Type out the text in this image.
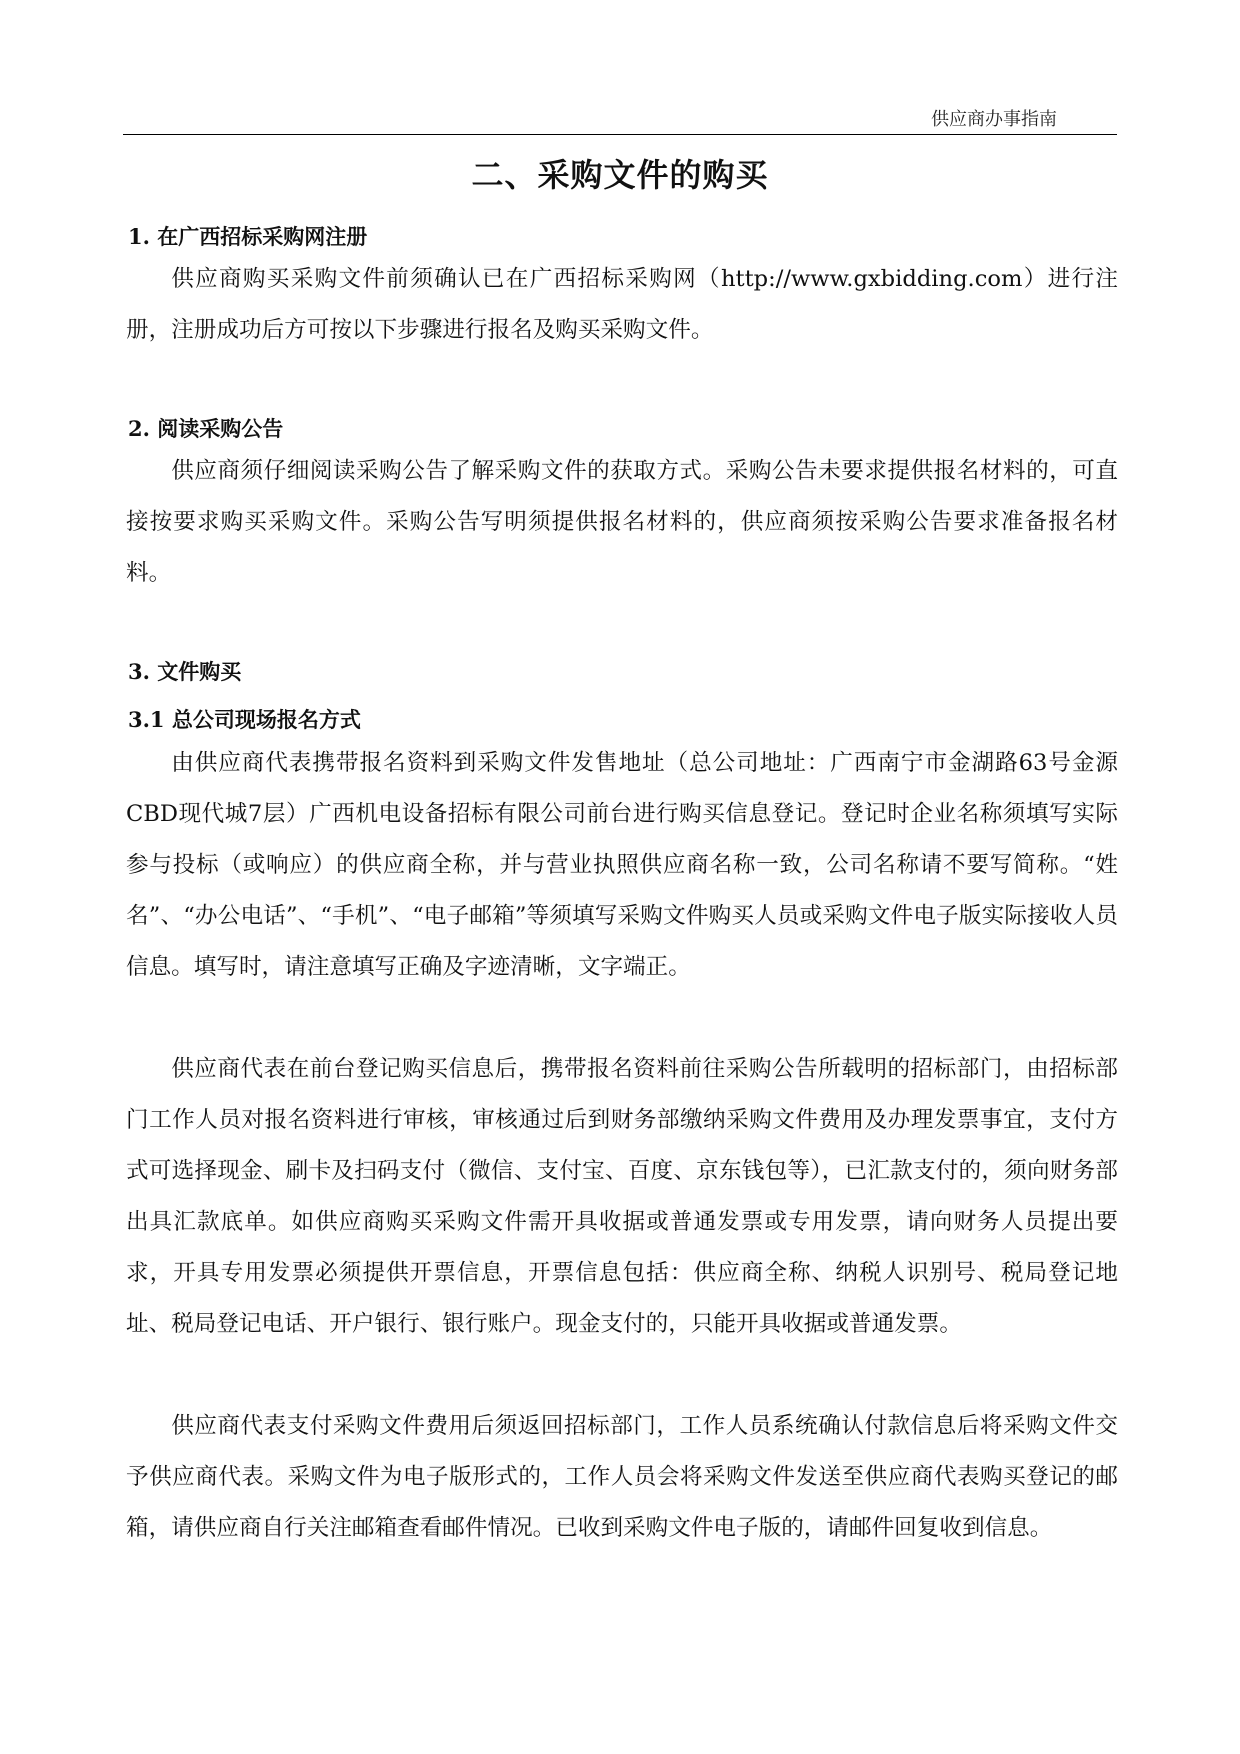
供应商办事指南
二、采购文件的购买
1. 在广西招标采购网注册

供应商购买采购文件前须确认已在广西招标采购网（http://www.gxbidding.com）进行注册，注册成功后方可按以下步骤进行报名及购买采购文件。

2. 阅读采购公告

供应商须仔细阅读采购公告了解采购文件的获取方式。采购公告未要求提供报名材料的，可直接按要求购买采购文件。采购公告写明须提供报名材料的，供应商须按采购公告要求准备报名材料。

3. 文件购买
3.1 总公司现场报名方式

由供应商代表携带报名资料到采购文件发售地址（总公司地址：广西南宁市金湖路63号金源CBD现代城7层）广西机电设备招标有限公司前台进行购买信息登记。登记时企业名称须填写实际参与投标（或响应）的供应商全称，并与营业执照供应商名称一致，公司名称请不要写简称。“姓名”、“办公电话”、“手机”、“电子邮箱”等须填写采购文件购买人员或采购文件电子版实际接收人员信息。填写时，请注意填写正确及字迹清晰，文字端正。

供应商代表在前台登记购买信息后，携带报名资料前往采购公告所载明的招标部门，由招标部门工作人员对报名资料进行审核，审核通过后到财务部缴纳采购文件费用及办理发票事宜，支付方式可选择现金、刷卡及扫码支付（微信、支付宝、百度、京东钱包等），已汇款支付的，须向财务部出具汇款底单。如供应商购买采购文件需开具收据或普通发票或专用发票，请向财务人员提出要求，开具专用发票必须提供开票信息，开票信息包括：供应商全称、纳税人识别号、税局登记地址、税局登记电话、开户银行、银行账户。现金支付的，只能开具收据或普通发票。

供应商代表支付采购文件费用后须返回招标部门，工作人员系统确认付款信息后将采购文件交予供应商代表。采购文件为电子版形式的，工作人员会将采购文件发送至供应商代表购买登记的邮箱，请供应商自行关注邮箱查看邮件情况。已收到采购文件电子版的，请邮件回复收到信息。
